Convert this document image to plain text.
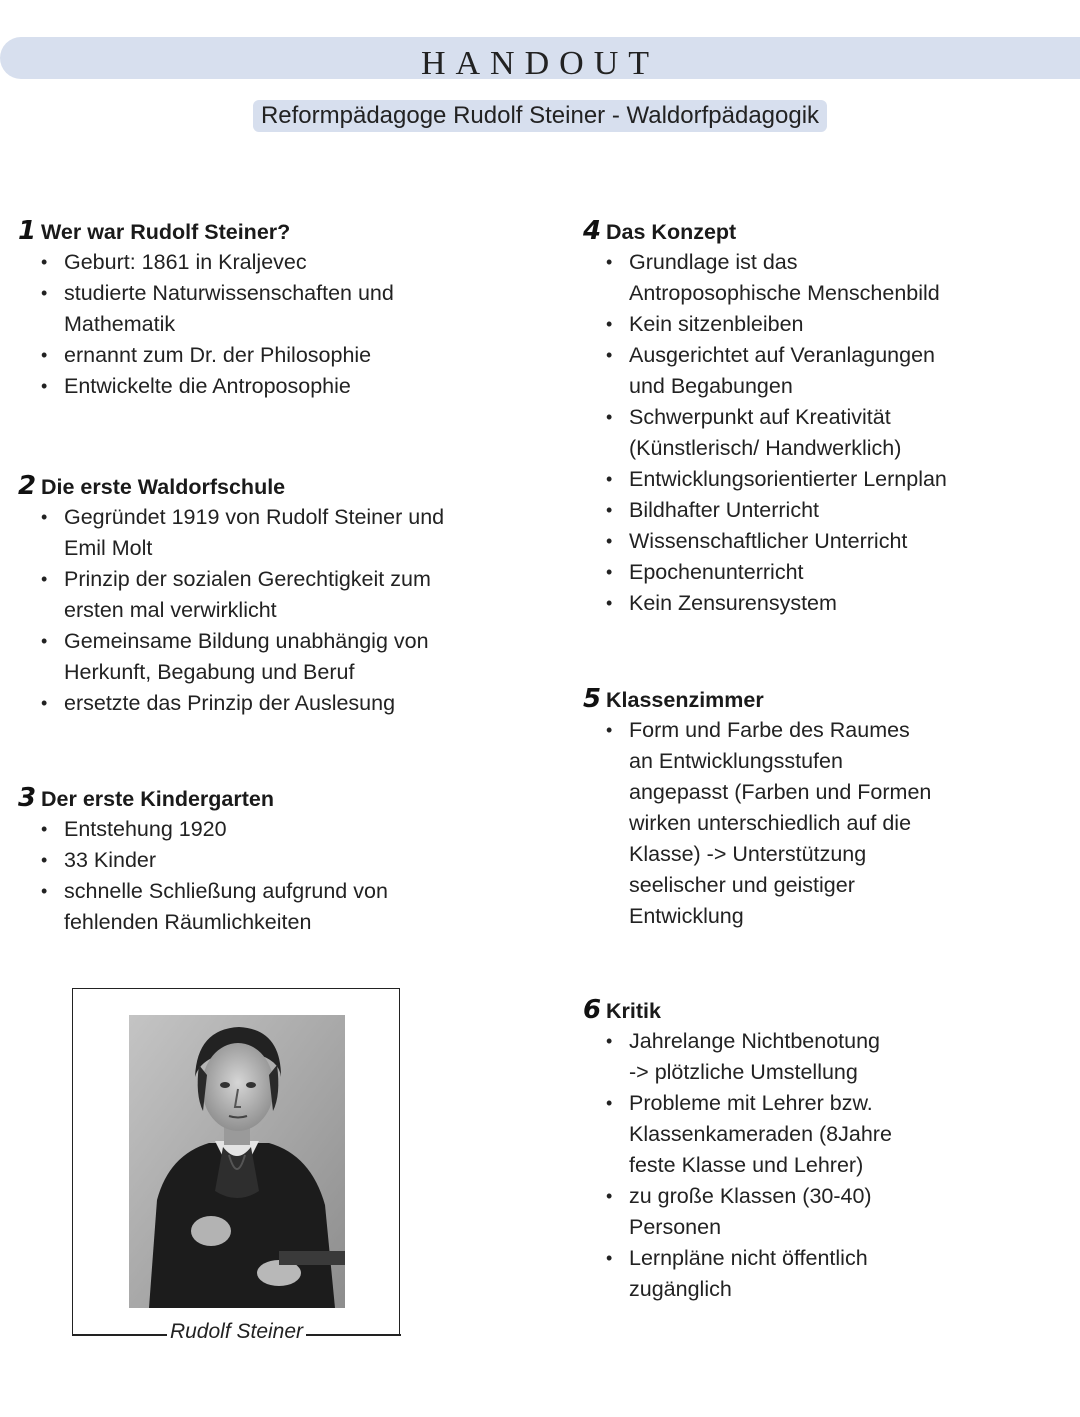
HANDOUT
Reformpädagoge Rudolf Steiner - Waldorfpädagogik
1 Wer war Rudolf Steiner?
• Geburt: 1861 in Kraljevec
• studierte Naturwissenschaften und
Mathematik
• ernannt zum Dr. der Philosophie
• Entwickelte die Antroposophie
2 Die erste Waldorfschule
• Gegründet 1919 von Rudolf Steiner und
Emil Molt
• Prinzip der sozialen Gerechtigkeit zum
ersten mal verwirklicht
• Gemeinsame Bildung unabhängig von
Herkunft, Begabung und Beruf
• ersetzte das Prinzip der Auslesung
3 Der erste Kindergarten
• Entstehung 1920
• 33 Kinder
• schnelle Schließung aufgrund von
fehlenden Räumlichkeiten
4 Das Konzept
• Grundlage ist das
Antroposophische Menschenbild
• Kein sitzenbleiben
• Ausgerichtet auf Veranlagungen
und Begabungen
• Schwerpunkt auf Kreativität
(Künstlerisch/ Handwerklich)
• Entwicklungsorientierter Lernplan
• Bildhafter Unterricht
• Wissenschaftlicher Unterricht
• Epochenunterricht
• Kein Zensurensystem
5 Klassenzimmer
• Form und Farbe des Raumes
an Entwicklungsstufen
angepasst (Farben und Formen
wirken unterschiedlich auf die
Klasse) -> Unterstützung
seelischer und geistiger
Entwicklung
6 Kritik
• Jahrelange Nichtbenotung
-> plötzliche Umstellung
• Probleme mit Lehrer bzw.
Klassenkameraden (8Jahre
feste Klasse und Lehrer)
• zu große Klassen (30-40)
Personen
• Lernpläne nicht öffentlich
zugänglich
Rudolf Steiner
